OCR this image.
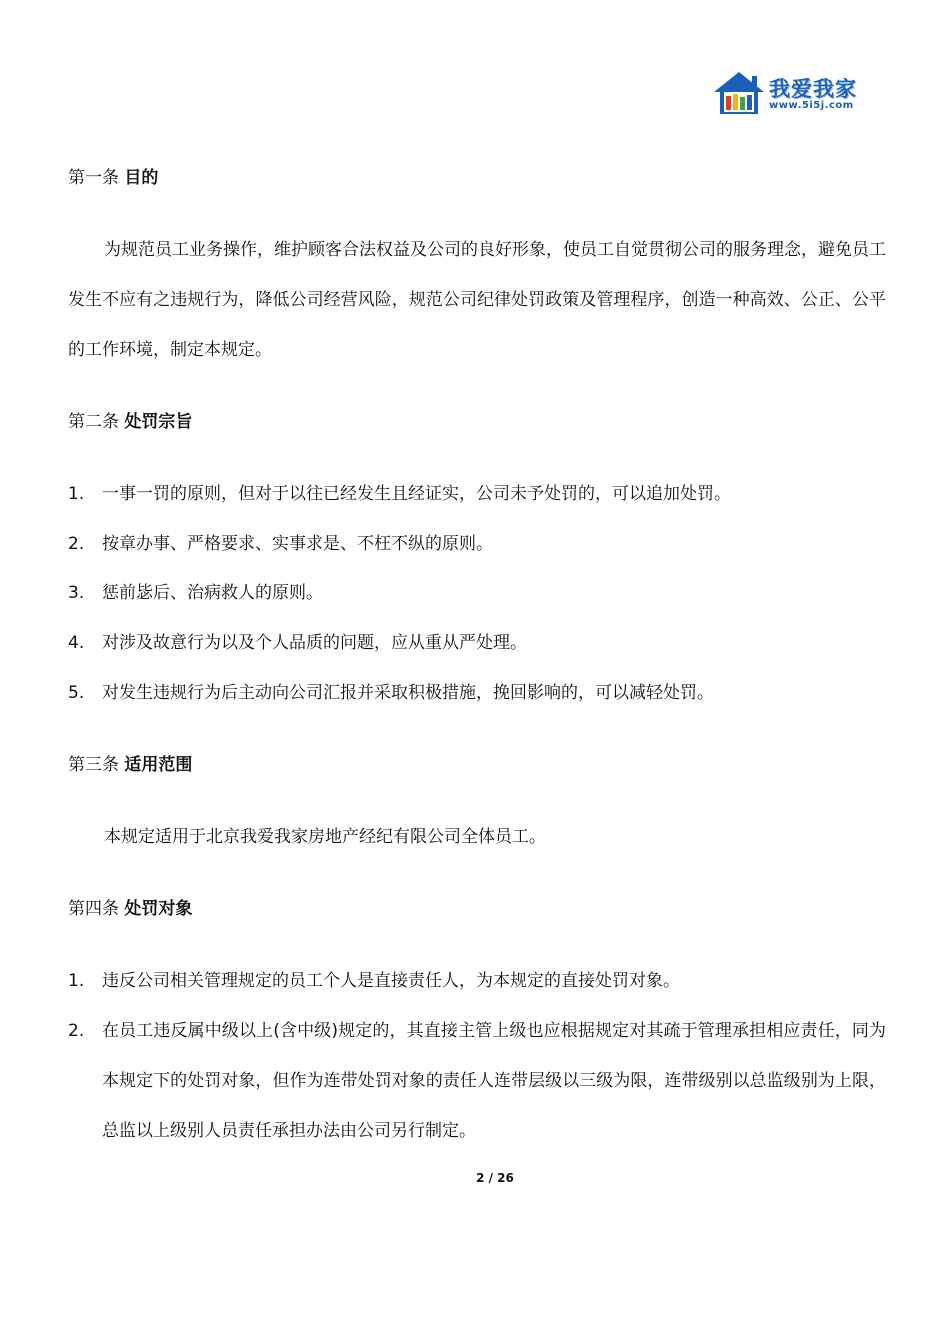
我爱我家
www.5i5j.com
第一条 目的

为规范员工业务操作，维护顾客合法权益及公司的良好形象，使员工自觉贯彻公司的服务理念，避免员工发生不应有之违规行为，降低公司经营风险，规范公司纪律处罚政策及管理程序，创造一种高效、公正、公平的工作环境，制定本规定。

第二条 处罚宗旨
1. 一事一罚的原则，但对于以往已经发生且经证实，公司未予处罚的，可以追加处罚。
2. 按章办事、严格要求、实事求是、不枉不纵的原则。
3. 惩前毖后、治病救人的原则。
4. 对涉及故意行为以及个人品质的问题，应从重从严处理。
5. 对发生违规行为后主动向公司汇报并采取积极措施，挽回影响的，可以减轻处罚。
第三条 适用范围
本规定适用于北京我爱我家房地产经纪有限公司全体员工。
第四条 处罚对象
1. 违反公司相关管理规定的员工个人是直接责任人，为本规定的直接处罚对象。
2. 在员工违反属中级以上(含中级)规定的，其直接主管上级也应根据规定对其疏于管理承担相应责任，同为本规定下的处罚对象，但作为连带处罚对象的责任人连带层级以三级为限，连带级别以总监级别为上限，总监以上级别人员责任承担办法由公司另行制定。
2 / 26
